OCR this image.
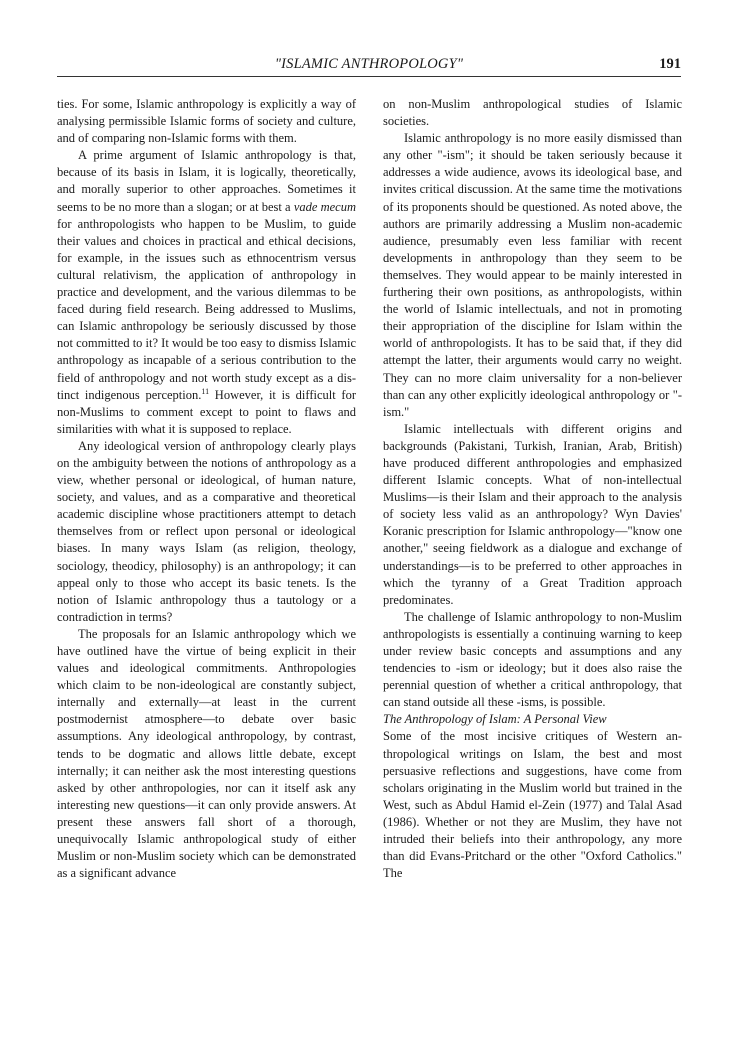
"ISLAMIC ANTHROPOLOGY"	191

ties. For some, Islamic anthropology is explicitly a way of analysing permissible Islamic forms of society and culture, and of comparing non-Islamic forms with them.

A prime argument of Islamic anthropology is that, because of its basis in Islam, it is logically, theoretically, and morally superior to other approaches. Sometimes it seems to be no more than a slogan; or at best a vade mecum for anthropologists who happen to be Muslim, to guide their values and choices in practical and ethical decisions, for example, in the issues such as ethnocentrism versus cultural relativism, the application of anthropology in practice and development, and the various dilemmas to be faced during field research. Being addressed to Muslims, can Islamic anthropology be seriously discussed by those not committed to it? It would be too easy to dismiss Islamic anthropology as incapable of a serious contribution to the field of anthropology and not worth study except as a distinct indigenous perception.$^{11}$ However, it is difficult for non-Muslims to comment except to point to flaws and similarities with what it is supposed to replace.

Any ideological version of anthropology clearly plays on the ambiguity between the notions of anthropology as a view, whether personal or ideological, of human nature, society, and values, and as a comparative and theoretical academic discipline whose practitioners attempt to detach themselves from or reflect upon personal or ideological biases. In many ways Islam (as religion, theology, sociology, theodicy, philosophy) is an anthropology; it can appeal only to those who accept its basic tenets. Is the notion of Islamic anthropology thus a tautology or a contradiction in terms?

The proposals for an Islamic anthropology which we have outlined have the virtue of being explicit in their values and ideological commitments. Anthropologies which claim to be non-ideological are constantly subject, internally and externally—at least in the current postmodernist atmosphere—to debate over basic assumptions. Any ideological anthropology, by contrast, tends to be dogmatic and allows little debate, except internally; it can neither ask the most interesting questions asked by other anthropologies, nor can it itself ask any interesting new questions—it can only provide answers. At present these answers fall short of a thorough, unequivocally Islamic anthropological study of either Muslim or non-Muslim society which can be demonstrated as a significant advance

on non-Muslim anthropological studies of Islamic societies.

Islamic anthropology is no more easily dismissed than any other "-ism"; it should be taken seriously because it addresses a wide audience, avows its ideological base, and invites critical discussion. At the same time the motivations of its proponents should be questioned. As noted above, the authors are primarily addressing a Muslim non-academic audience, presumably even less familiar with recent developments in anthropology than they seem to be themselves. They would appear to be mainly interested in furthering their own positions, as anthropologists, within the world of Islamic intellectuals, and not in promoting their appropriation of the discipline for Islam within the world of anthropologists. It has to be said that, if they did attempt the latter, their arguments would carry no weight. They can no more claim universality for a non-believer than can any other explicitly ideological anthropology or "-ism."

Islamic intellectuals with different origins and backgrounds (Pakistani, Turkish, Iranian, Arab, British) have produced different anthropologies and emphasized different Islamic concepts. What of non-intellectual Muslims—is their Islam and their approach to the analysis of society less valid as an anthropology? Wyn Davies' Koranic prescription for Islamic anthropology—"know one another," seeing fieldwork as a dialogue and exchange of understandings—is to be preferred to other approaches in which the tyranny of a Great Tradition approach predominates.

The challenge of Islamic anthropology to non-Muslim anthropologists is essentially a continuing warning to keep under review basic concepts and assumptions and any tendencies to -ism or ideology; but it does also raise the perennial question of whether a critical anthropology, that can stand outside all these -isms, is possible.

The Anthropology of Islam: A Personal View

Some of the most incisive critiques of Western anthropological writings on Islam, the best and most persuasive reflections and suggestions, have come from scholars originating in the Muslim world but trained in the West, such as Abdul Hamid el-Zein (1977) and Talal Asad (1986). Whether or not they are Muslim, they have not intruded their beliefs into their anthropology, any more than did Evans-Pritchard or the other "Oxford Catholics." The
